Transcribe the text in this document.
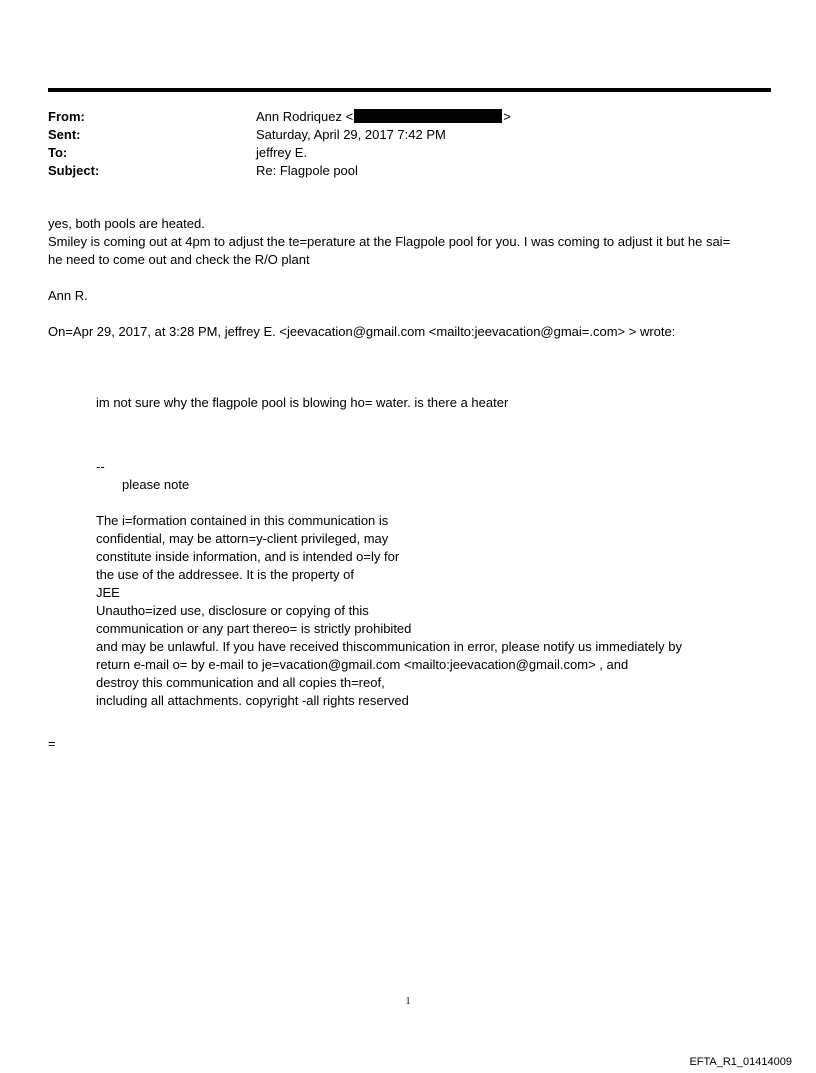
From:	Ann Rodriquez <	>
Sent:	Saturday, April 29, 2017 7:42 PM
To:	jeffrey E.
Subject:	Re: Flagpole pool

yes, both pools are heated.

Smiley is coming out at 4pm to adjust the te=perature at the Flagpole pool for you. I was coming to adjust it but he sai=

he need to come out and check the R/O plant

Ann R.

On=Apr 29, 2017, at 3:28 PM, jeffrey E. <jeevacation@gmail.com <mailto:jeevacation@gmai=.com> > wrote:

im not sure why the flagpole pool is blowing ho= water. is there a heater

--

please note

The i=formation contained in this communication is

confidential, may be attorn=y-client privileged, may

constitute inside information, and is intended o=ly for

the use of the addressee. It is the property of

JEE

Unautho=ized use, disclosure or copying of this

communication or any part thereo= is strictly prohibited

and may be unlawful. If you have received thiscommunication in error, please notify us immediately by

return e-mail o= by e-mail to je=vacation@gmail.com <mailto:jeevacation@gmail.com> , and

destroy this communication and all copies th=reof,

including all attachments. copyright -all rights reserved

=
1
EFTA_R1_01414009
